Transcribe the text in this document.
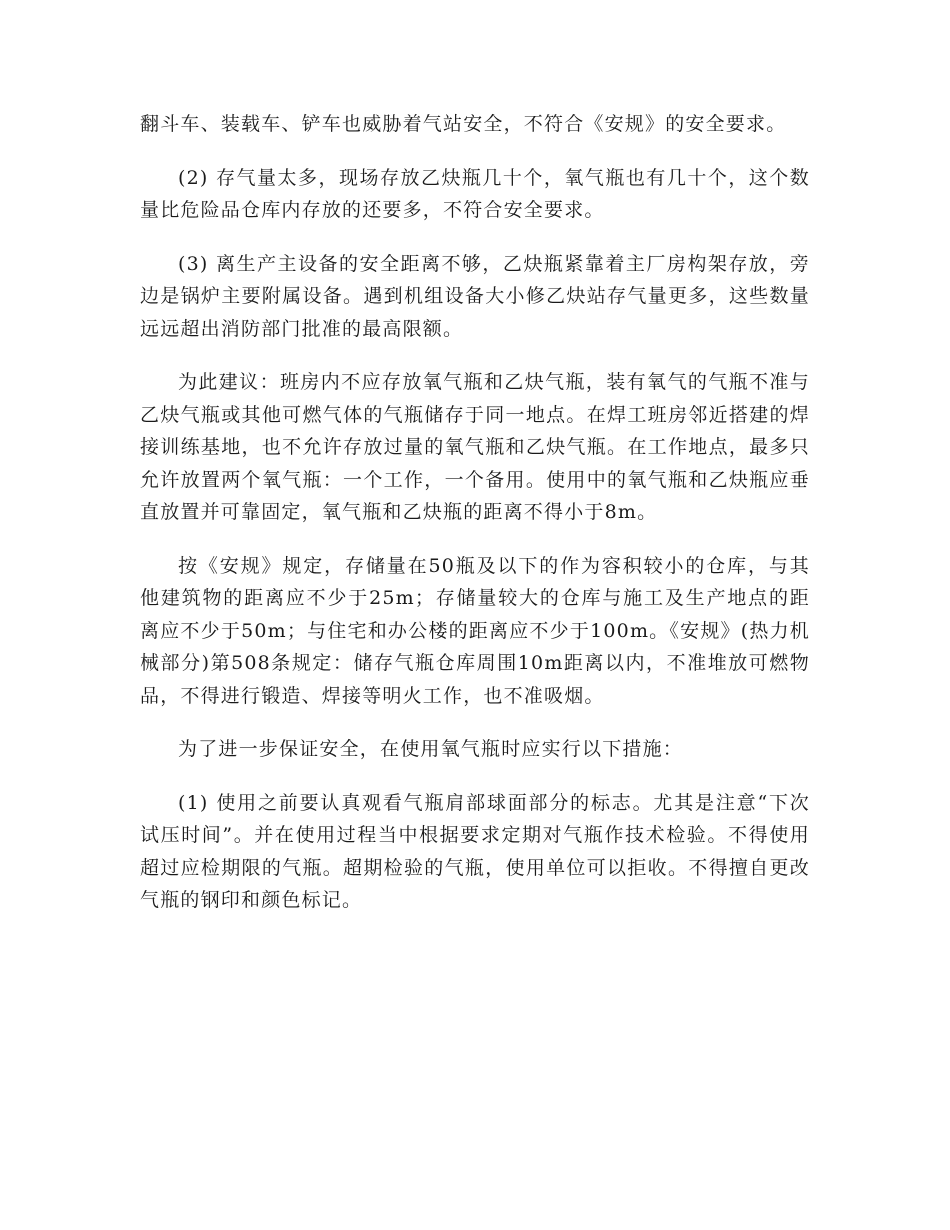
翻斗车、装载车、铲车也威胁着气站安全，不符合《安规》的安全要求。

(2) 存气量太多，现场存放乙炔瓶几十个，氧气瓶也有几十个，这个数量比危险品仓库内存放的还要多，不符合安全要求。

(3) 离生产主设备的安全距离不够，乙炔瓶紧靠着主厂房构架存放，旁边是锅炉主要附属设备。遇到机组设备大小修乙炔站存气量更多，这些数量远远超出消防部门批准的最高限额。

为此建议：班房内不应存放氧气瓶和乙炔气瓶，装有氧气的气瓶不准与乙炔气瓶或其他可燃气体的气瓶储存于同一地点。在焊工班房邻近搭建的焊接训练基地，也不允许存放过量的氧气瓶和乙炔气瓶。在工作地点，最多只允许放置两个氧气瓶：一个工作，一个备用。使用中的氧气瓶和乙炔瓶应垂直放置并可靠固定，氧气瓶和乙炔瓶的距离不得小于8m。

按《安规》规定，存储量在50瓶及以下的作为容积较小的仓库，与其他建筑物的距离应不少于25m；存储量较大的仓库与施工及生产地点的距离应不少于50m；与住宅和办公楼的距离应不少于100m。《安规》(热力机械部分)第508条规定：储存气瓶仓库周围10m距离以内，不准堆放可燃物品，不得进行锻造、焊接等明火工作，也不准吸烟。

为了进一步保证安全，在使用氧气瓶时应实行以下措施：

(1) 使用之前要认真观看气瓶肩部球面部分的标志。尤其是注意“下次试压时间”。并在使用过程当中根据要求定期对气瓶作技术检验。不得使用超过应检期限的气瓶。超期检验的气瓶，使用单位可以拒收。不得擅自更改气瓶的钢印和颜色标记。
